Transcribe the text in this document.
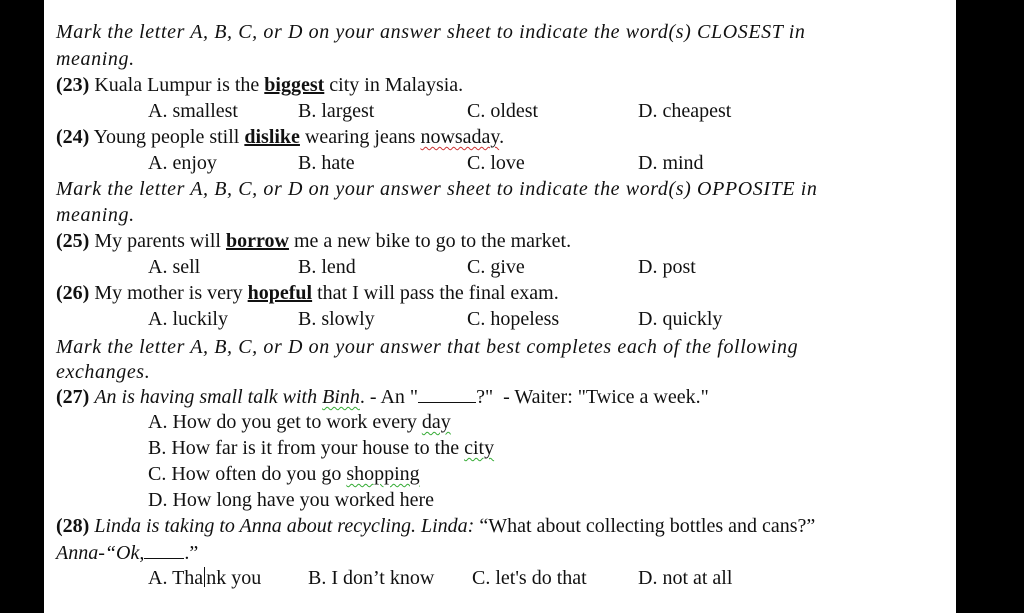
Mark the letter A, B, C, or D on your answer sheet to indicate the word(s) CLOSEST in
meaning.
(23) Kuala Lumpur is the biggest city in Malaysia.
A. smallest	B. largest	C. oldest	D. cheapest
(24) Young people still dislike wearing jeans nowsaday.
A. enjoy	B. hate	C. love	D. mind
Mark the letter A, B, C, or D on your answer sheet to indicate the word(s) OPPOSITE in
meaning.
(25) My parents will borrow me a new bike to go to the market.
A. sell	B. lend	C. give	D. post
(26) My mother is very hopeful that I will pass the final exam.
A. luckily	B. slowly	C. hopeless	D. quickly
Mark the letter A, B, C, or D on your answer that best completes each of the following
exchanges.
(27) An is having small talk with Binh. - An "	?" - Waiter: "Twice a week."
A. How do you get to work every day
B. How far is it from your house to the city
C. How often do you go shopping
D. How long have you worked here
(28) Linda is taking to Anna about recycling. Linda: “What about collecting bottles and cans?”
Anna-“Ok, .”
A. Tha nk you B. I don’t know C. let's do that	D. not at all
